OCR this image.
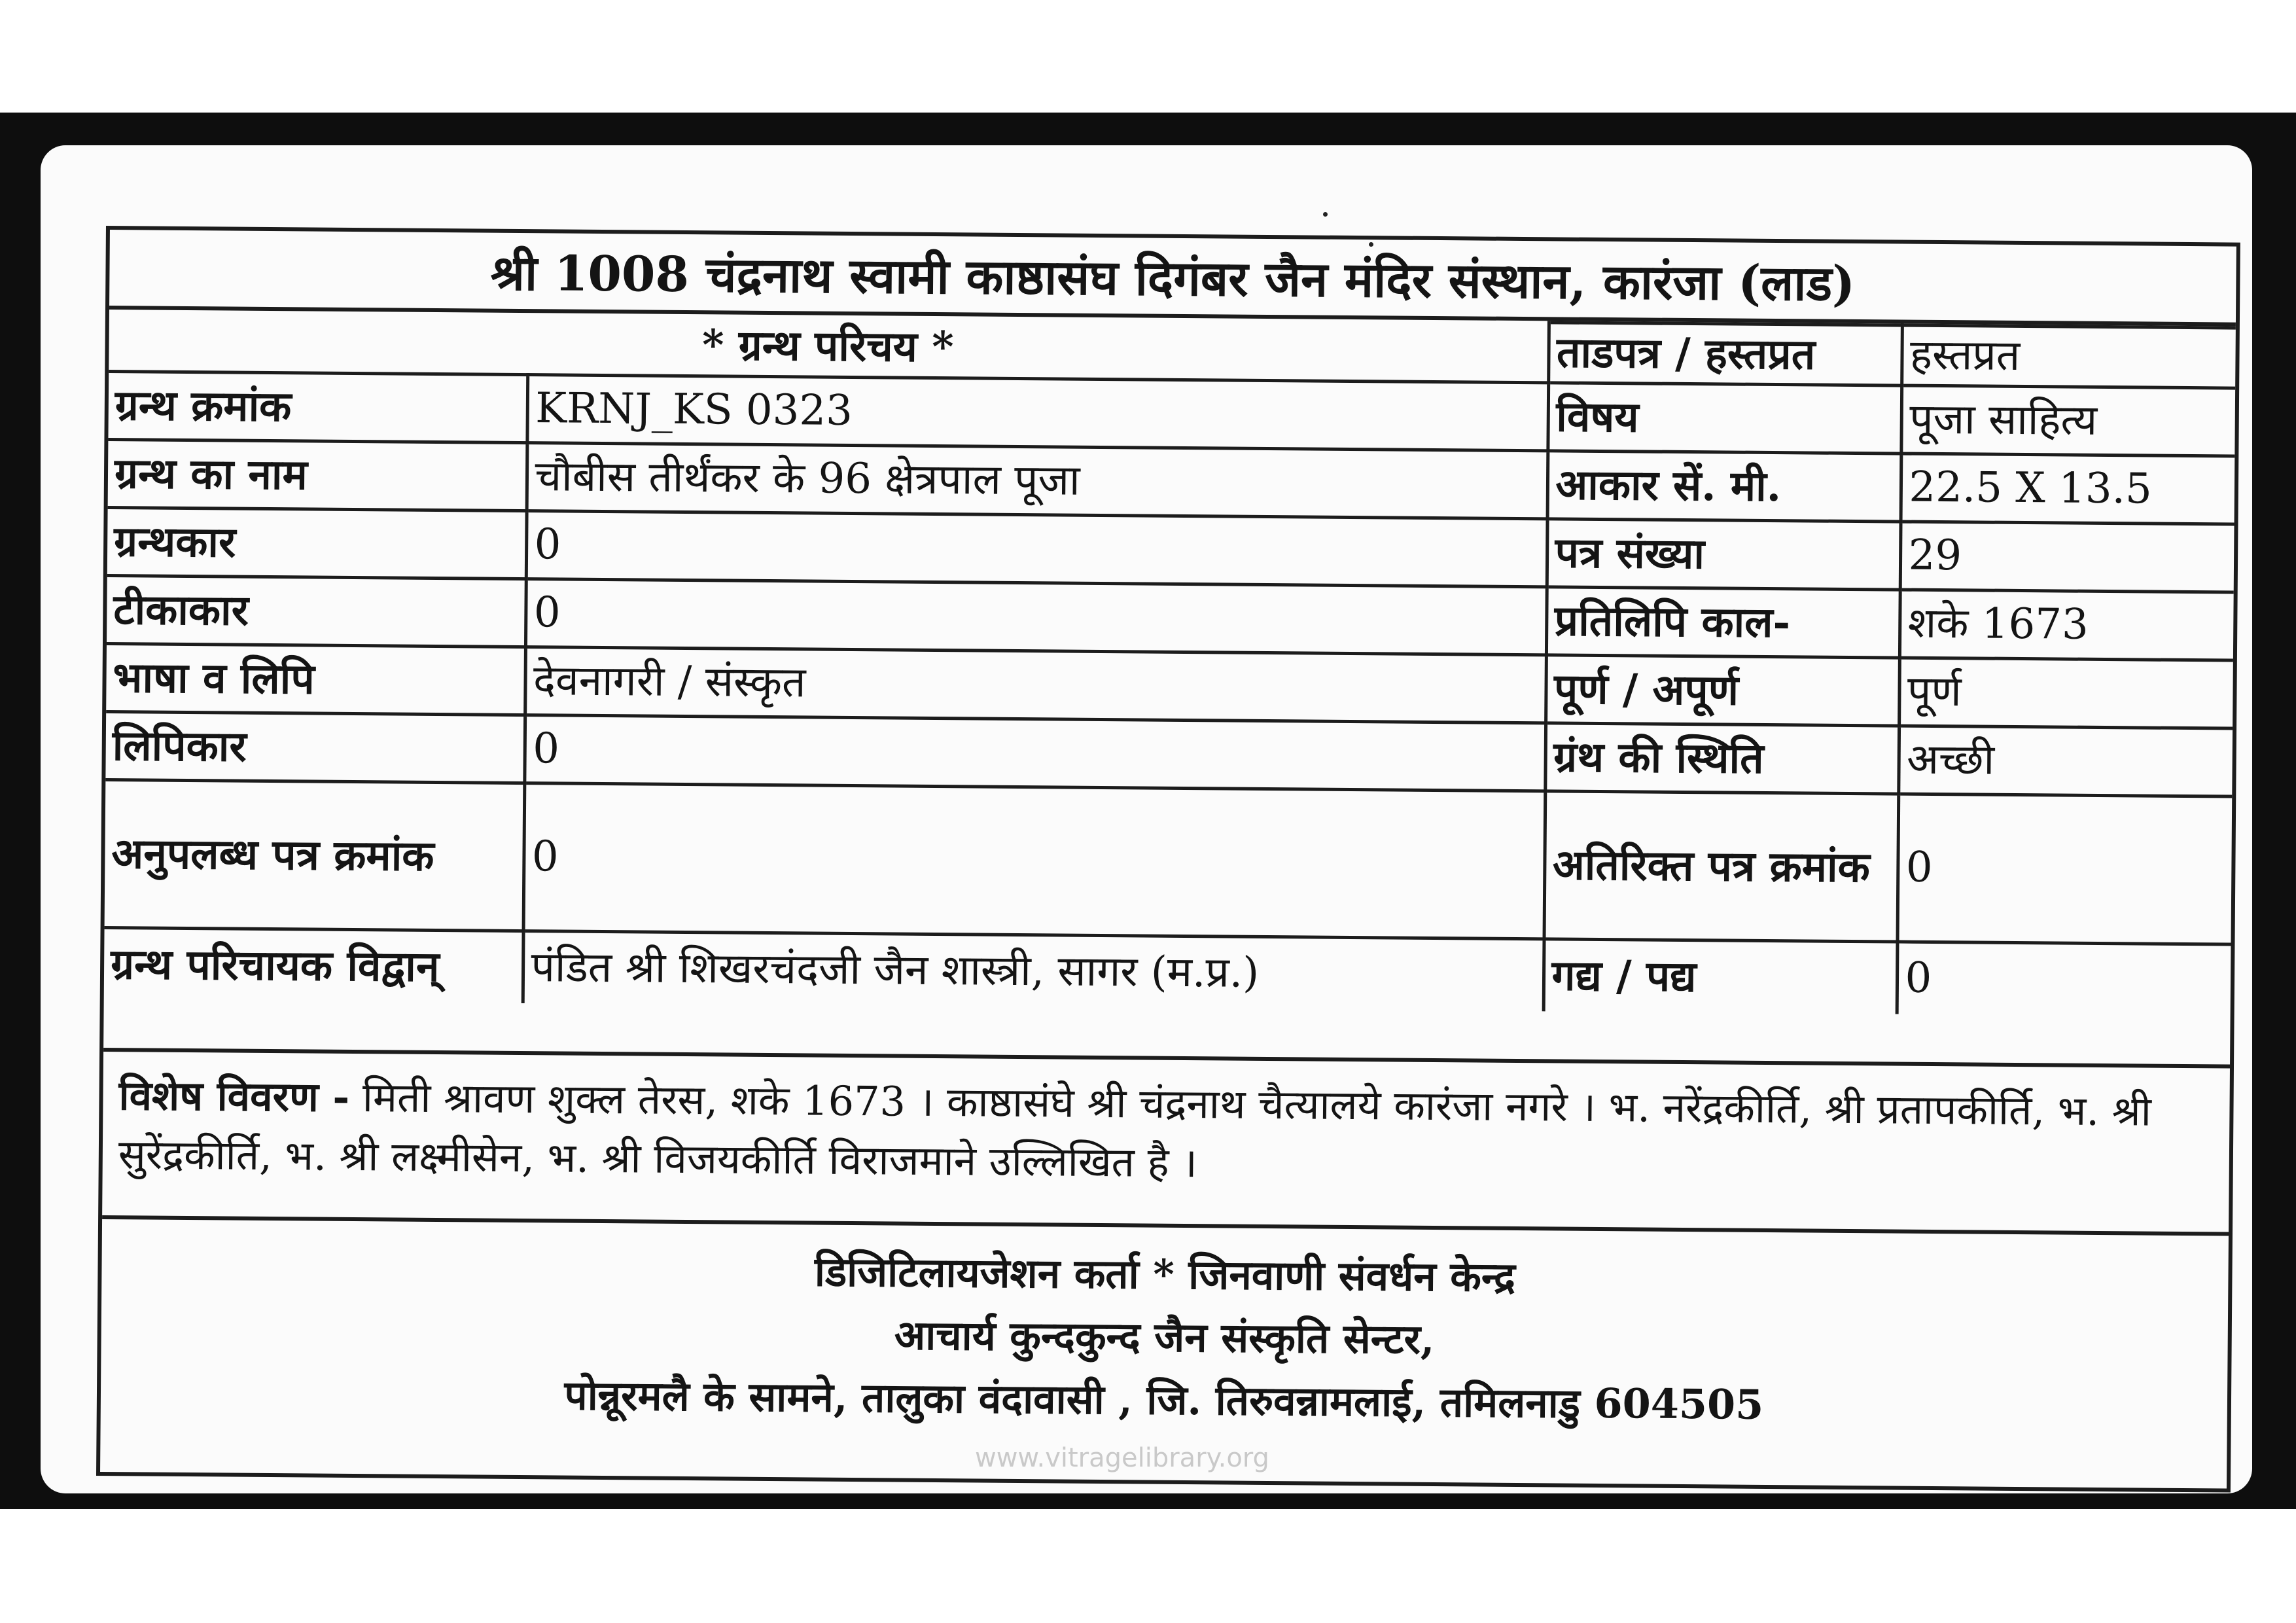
श्री 1008 चंद्रनाथ स्वामी काष्ठासंघ दिगंबर जैन मंदिर संस्थान, कारंजा (लाड)
* ग्रन्थ परिचय *		ताडपत्र / हस्तप्रत	हस्तप्रत
ग्रन्थ क्रमांक	KRNJ_KS 0323	विषय	पूजा साहित्य
ग्रन्थ का नाम	चौबीस तीर्थंकर के 96 क्षेत्रपाल पूजा	आकार सें. मी.	22.5 X 13.5
ग्रन्थकार	0	पत्र संख्या	29
टीकाकार	0	प्रतिलिपि काल-	शके 1673
भाषा व लिपि	देवनागरी / संस्कृत	पूर्ण / अपूर्ण	पूर्ण
लिपिकार	0	ग्रंथ की स्थिति	अच्छी
अनुपलब्ध पत्र क्रमांक	0	अतिरिक्त पत्र क्रमांक	0
ग्रन्थ परिचायक विद्वान्	पंडित श्री शिखरचंदजी जैन शास्त्री, सागर (म.प्र.)	गद्य / पद्य	0
विशेष विवरण - मिती श्रावण शुक्ल तेरस, शके 1673 । काष्ठासंघे श्री चंद्रनाथ चैत्यालये कारंजा नगरे । भ. नरेंद्रकीर्ति, श्री प्रतापकीर्ति, भ. श्री सुरेंद्रकीर्ति, भ. श्री लक्ष्मीसेन, भ. श्री विजयकीर्ति विराजमाने उल्लिखित है ।
डिजिटिलायजेशन कर्ता * जिनवाणी संवर्धन केन्द्र
आचार्य कुन्दकुन्द जैन संस्कृति सेन्टर,
पोन्नूरमलै के सामने, तालुका वंदावासी , जि. तिरुवन्नामलाई, तमिलनाडु 604505
www.vitragelibrary.org
